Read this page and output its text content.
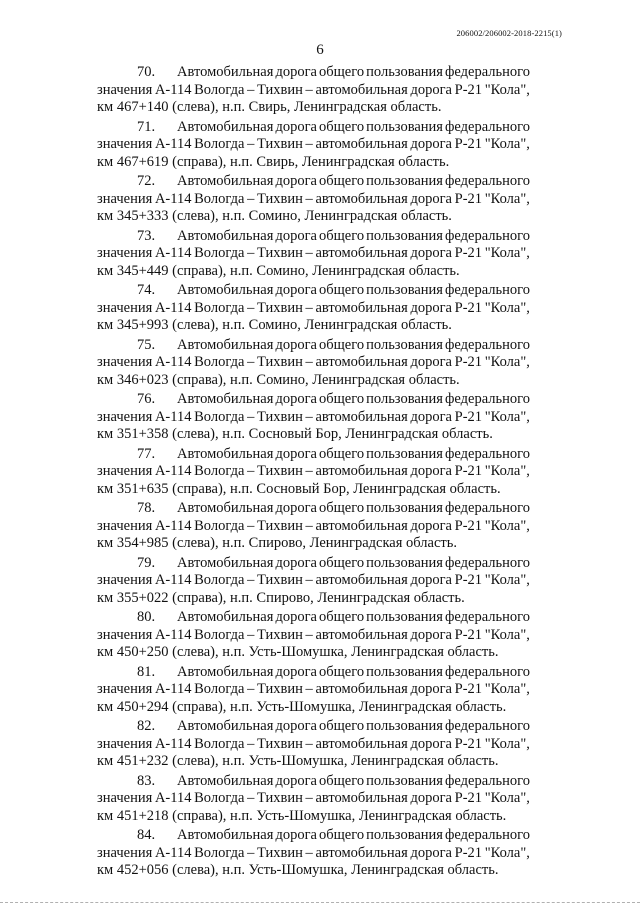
206002/206002-2018-2215(1)
6
70.	Автомобильная дорога общего пользования федерального
значения А-114 Вологда – Тихвин – автомобильная дорога Р-21 "Кола",
км 467+140 (слева), н.п. Свирь, Ленинградская область.
71.	Автомобильная дорога общего пользования федерального
значения А-114 Вологда – Тихвин – автомобильная дорога Р-21 "Кола",
км 467+619 (справа), н.п. Свирь, Ленинградская область.
72.	Автомобильная дорога общего пользования федерального
значения А-114 Вологда – Тихвин – автомобильная дорога Р-21 "Кола",
км 345+333 (слева), н.п. Сомино, Ленинградская область.
73.	Автомобильная дорога общего пользования федерального
значения А-114 Вологда – Тихвин – автомобильная дорога Р-21 "Кола",
км 345+449 (справа), н.п. Сомино, Ленинградская область.
74.	Автомобильная дорога общего пользования федерального
значения А-114 Вологда – Тихвин – автомобильная дорога Р-21 "Кола",
км 345+993 (слева), н.п. Сомино, Ленинградская область.
75.	Автомобильная дорога общего пользования федерального
значения А-114 Вологда – Тихвин – автомобильная дорога Р-21 "Кола",
км 346+023 (справа), н.п. Сомино, Ленинградская область.
76.	Автомобильная дорога общего пользования федерального
значения А-114 Вологда – Тихвин – автомобильная дорога Р-21 "Кола",
км 351+358 (слева), н.п. Сосновый Бор, Ленинградская область.
77.	Автомобильная дорога общего пользования федерального
значения А-114 Вологда – Тихвин – автомобильная дорога Р-21 "Кола",
км 351+635 (справа), н.п. Сосновый Бор, Ленинградская область.
78.	Автомобильная дорога общего пользования федерального
значения А-114 Вологда – Тихвин – автомобильная дорога Р-21 "Кола",
км 354+985 (слева), н.п. Спирово, Ленинградская область.
79.	Автомобильная дорога общего пользования федерального
значения А-114 Вологда – Тихвин – автомобильная дорога Р-21 "Кола",
км 355+022 (справа), н.п. Спирово, Ленинградская область.
80.	Автомобильная дорога общего пользования федерального
значения А-114 Вологда – Тихвин – автомобильная дорога Р-21 "Кола",
км 450+250 (слева), н.п. Усть-Шомушка, Ленинградская область.
81.	Автомобильная дорога общего пользования федерального
значения А-114 Вологда – Тихвин – автомобильная дорога Р-21 "Кола",
км 450+294 (справа), н.п. Усть-Шомушка, Ленинградская область.
82.	Автомобильная дорога общего пользования федерального
значения А-114 Вологда – Тихвин – автомобильная дорога Р-21 "Кола",
км 451+232 (слева), н.п. Усть-Шомушка, Ленинградская область.
83.	Автомобильная дорога общего пользования федерального
значения А-114 Вологда – Тихвин – автомобильная дорога Р-21 "Кола",
км 451+218 (справа), н.п. Усть-Шомушка, Ленинградская область.
84.	Автомобильная дорога общего пользования федерального
значения А-114 Вологда – Тихвин – автомобильная дорога Р-21 "Кола",
км 452+056 (слева), н.п. Усть-Шомушка, Ленинградская область.
